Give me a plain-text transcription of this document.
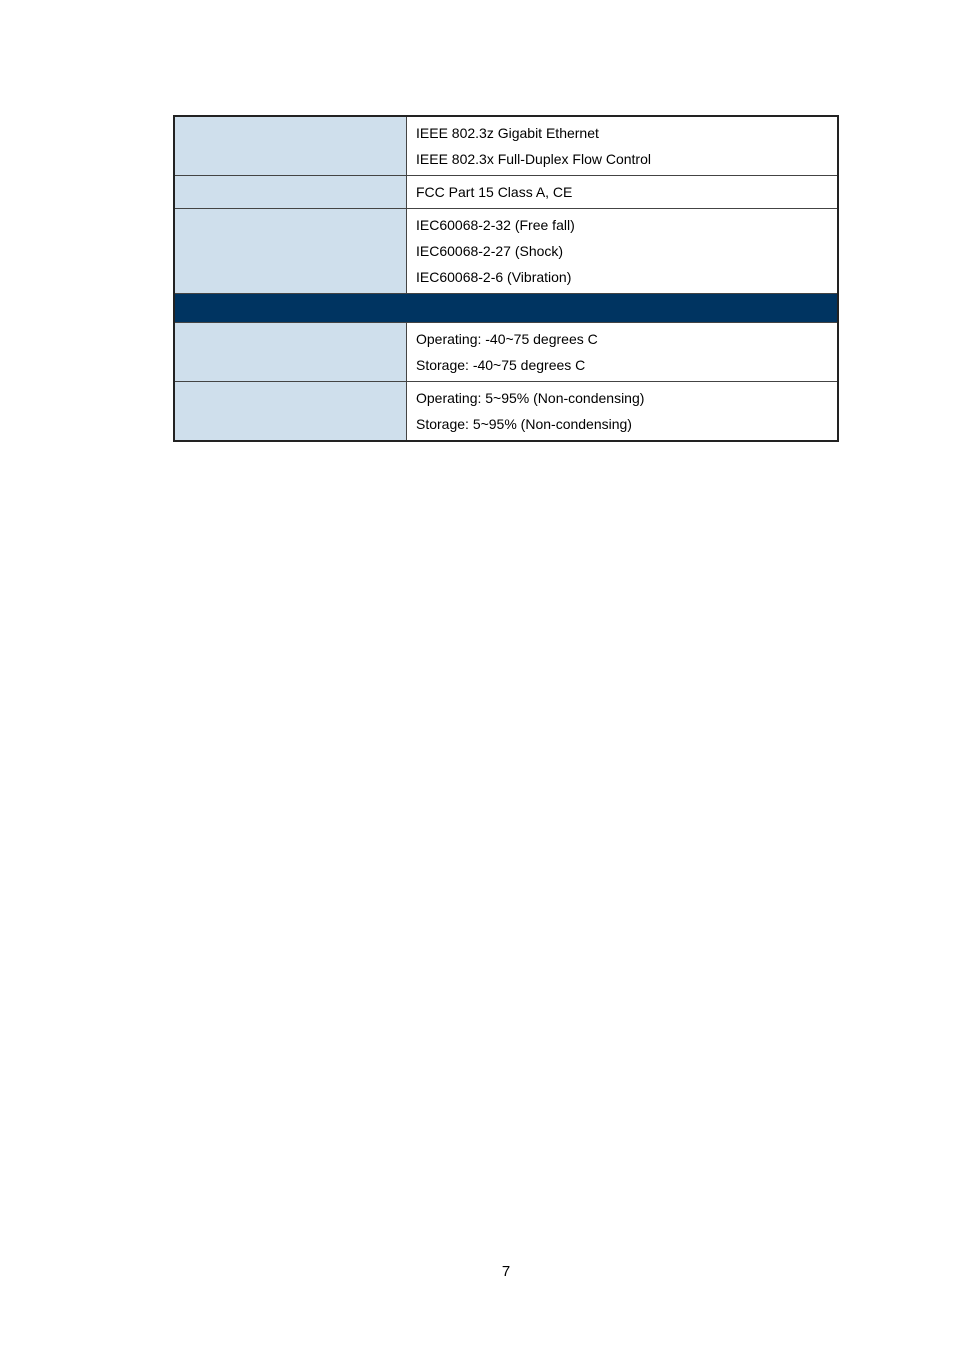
	IEEE 802.3z Gigabit Ethernet
IEEE 802.3x Full-Duplex Flow Control

	FCC Part 15 Class A, CE

	IEC60068-2-32 (Free fall)
IEC60068-2-27 (Shock)
IEC60068-2-6 (Vibration)

	Operating: -40~75 degrees C
Storage: -40~75 degrees C

	Operating: 5~95% (Non-condensing)
Storage: 5~95% (Non-condensing)
7
